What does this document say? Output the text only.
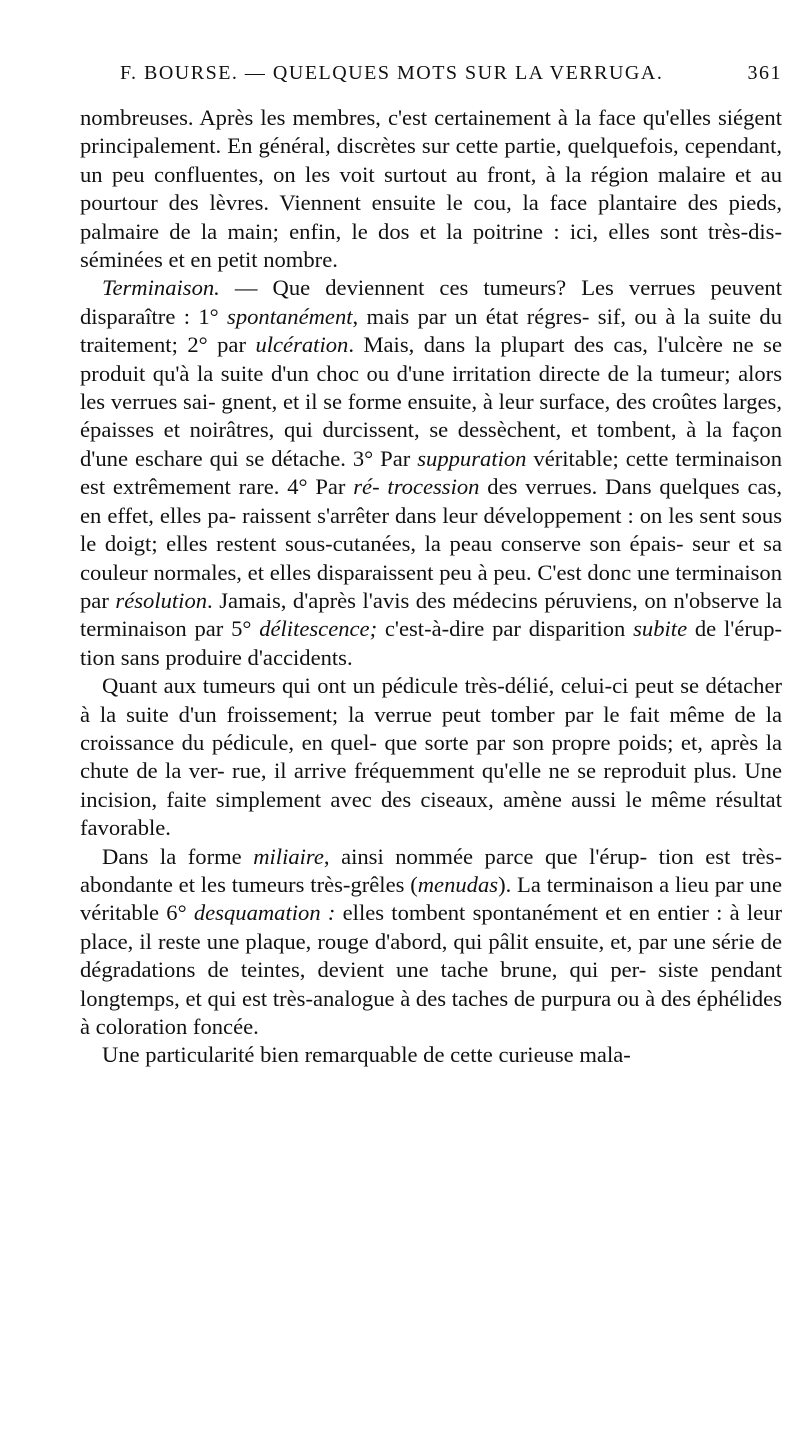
F. BOURSE. — QUELQUES MOTS SUR LA VERRUGA.	361

nombreuses. Après les membres, c'est certainement à la face qu'elles siégent principalement. En général, discrètes sur cette partie, quelquefois, cependant, un peu confluentes, on les voit surtout au front, à la région malaire et au pourtour des lèvres. Viennent ensuite le cou, la face plantaire des pieds, palmaire de la main; enfin, le dos et la poitrine : ici, elles sont très-dis- séminées et en petit nombre.

Terminaison. — Que deviennent ces tumeurs? Les verrues peuvent disparaître : 1° spontanément, mais par un état régres- sif, ou à la suite du traitement; 2° par ulcération. Mais, dans la plupart des cas, l'ulcère ne se produit qu'à la suite d'un choc ou d'une irritation directe de la tumeur; alors les verrues sai- gnent, et il se forme ensuite, à leur surface, des croûtes larges, épaisses et noirâtres, qui durcissent, se dessèchent, et tombent, à la façon d'une eschare qui se détache. 3° Par suppuration véritable; cette terminaison est extrêmement rare. 4° Par ré- trocession des verrues. Dans quelques cas, en effet, elles pa- raissent s'arrêter dans leur développement : on les sent sous le doigt; elles restent sous-cutanées, la peau conserve son épais- seur et sa couleur normales, et elles disparaissent peu à peu. C'est donc une terminaison par résolution. Jamais, d'après l'avis des médecins péruviens, on n'observe la terminaison par 5° délitescence; c'est-à-dire par disparition subite de l'érup- tion sans produire d'accidents.

Quant aux tumeurs qui ont un pédicule très-délié, celui-ci peut se détacher à la suite d'un froissement; la verrue peut tomber par le fait même de la croissance du pédicule, en quel- que sorte par son propre poids; et, après la chute de la ver- rue, il arrive fréquemment qu'elle ne se reproduit plus. Une incision, faite simplement avec des ciseaux, amène aussi le même résultat favorable.

Dans la forme miliaire, ainsi nommée parce que l'érup- tion est très-abondante et les tumeurs très-grêles (menudas). La terminaison a lieu par une véritable 6° desquamation : elles tombent spontanément et en entier : à leur place, il reste une plaque, rouge d'abord, qui pâlit ensuite, et, par une série de dégradations de teintes, devient une tache brune, qui per- siste pendant longtemps, et qui est très-analogue à des taches de purpura ou à des éphélides à coloration foncée.

Une particularité bien remarquable de cette curieuse mala-
